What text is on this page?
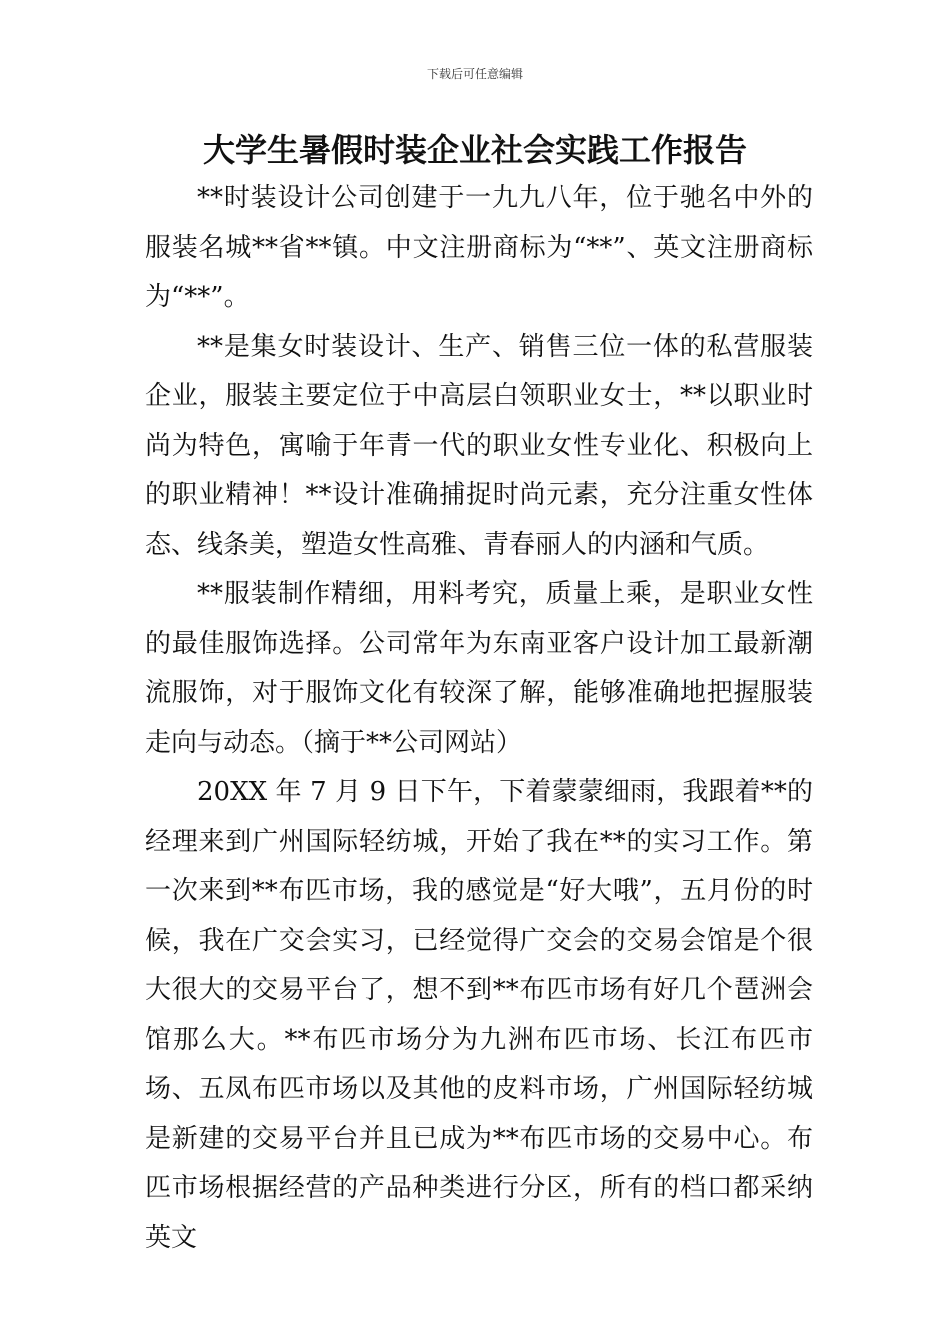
下载后可任意编辑
大学生暑假时装企业社会实践工作报告

**时装设计公司创建于一九九八年，位于驰名中外的服装名城**省**镇。中文注册商标为“**”、英文注册商标为“**”。

**是集女时装设计、生产、销售三位一体的私营服装企业，服装主要定位于中高层白领职业女士，**以职业时尚为特色，寓喻于年青一代的职业女性专业化、积极向上的职业精神！**设计准确捕捉时尚元素，充分注重女性体态、线条美，塑造女性高雅、青春丽人的内涵和气质。

**服装制作精细，用料考究，质量上乘，是职业女性的最佳服饰选择。公司常年为东南亚客户设计加工最新潮流服饰，对于服饰文化有较深了解，能够准确地把握服装走向与动态。（摘于**公司网站）

20XX 年 7 月 9 日下午，下着蒙蒙细雨，我跟着**的经理来到广州国际轻纺城，开始了我在**的实习工作。第一次来到**布匹市场，我的感觉是“好大哦”，五月份的时候，我在广交会实习，已经觉得广交会的交易会馆是个很大很大的交易平台了，想不到**布匹市场有好几个琶洲会馆那么大。**布匹市场分为九洲布匹市场、长江布匹市场、五凤布匹市场以及其他的皮料市场，广州国际轻纺城是新建的交易平台并且已成为**布匹市场的交易中心。布匹市场根据经营的产品种类进行分区，所有的档口都采纳英文
